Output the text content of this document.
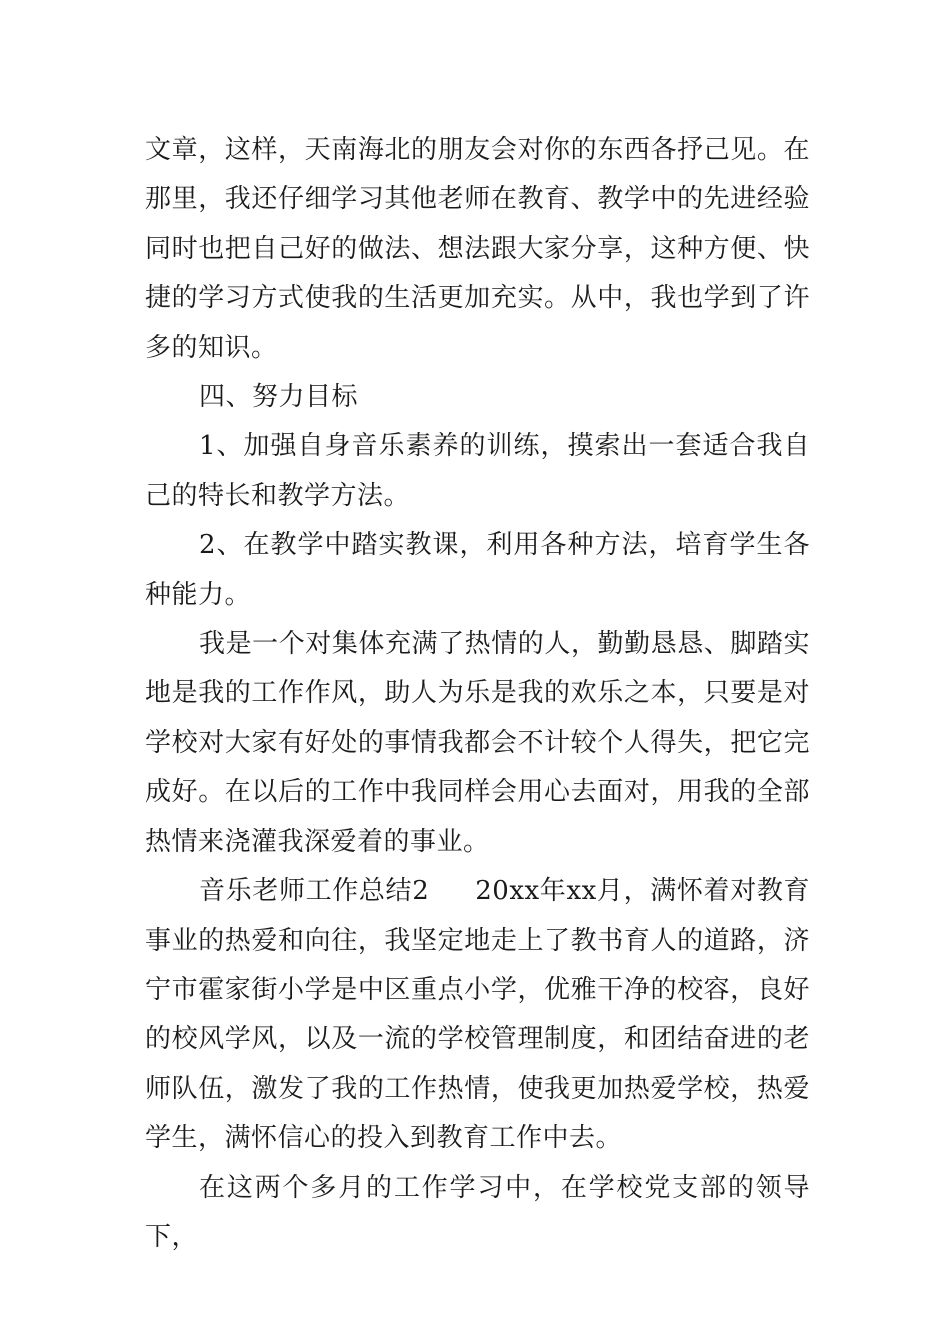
文章，这样，天南海北的朋友会对你的东西各抒己见。在那里，我还仔细学习其他老师在教育、教学中的先进经验同时也把自己好的做法、想法跟大家分享，这种方便、快捷的学习方式使我的生活更加充实。从中，我也学到了许多的知识。

四、努力目标

1、加强自身音乐素养的训练，摸索出一套适合我自己的特长和教学方法。

2、在教学中踏实教课，利用各种方法，培育学生各种能力。

我是一个对集体充满了热情的人，勤勤恳恳、脚踏实地是我的工作作风，助人为乐是我的欢乐之本，只要是对学校对大家有好处的事情我都会不计较个人得失，把它完成好。在以后的工作中我同样会用心去面对，用我的全部热情来浇灌我深爱着的事业。

音乐老师工作总结2 20xx年xx月，满怀着对教育事业的热爱和向往，我坚定地走上了教书育人的道路，济宁市霍家街小学是中区重点小学，优雅干净的校容，良好的校风学风，以及一流的学校管理制度，和团结奋进的老师队伍，激发了我的工作热情，使我更加热爱学校，热爱学生，满怀信心的投入到教育工作中去。

在这两个多月的工作学习中，在学校党支部的领导下，
